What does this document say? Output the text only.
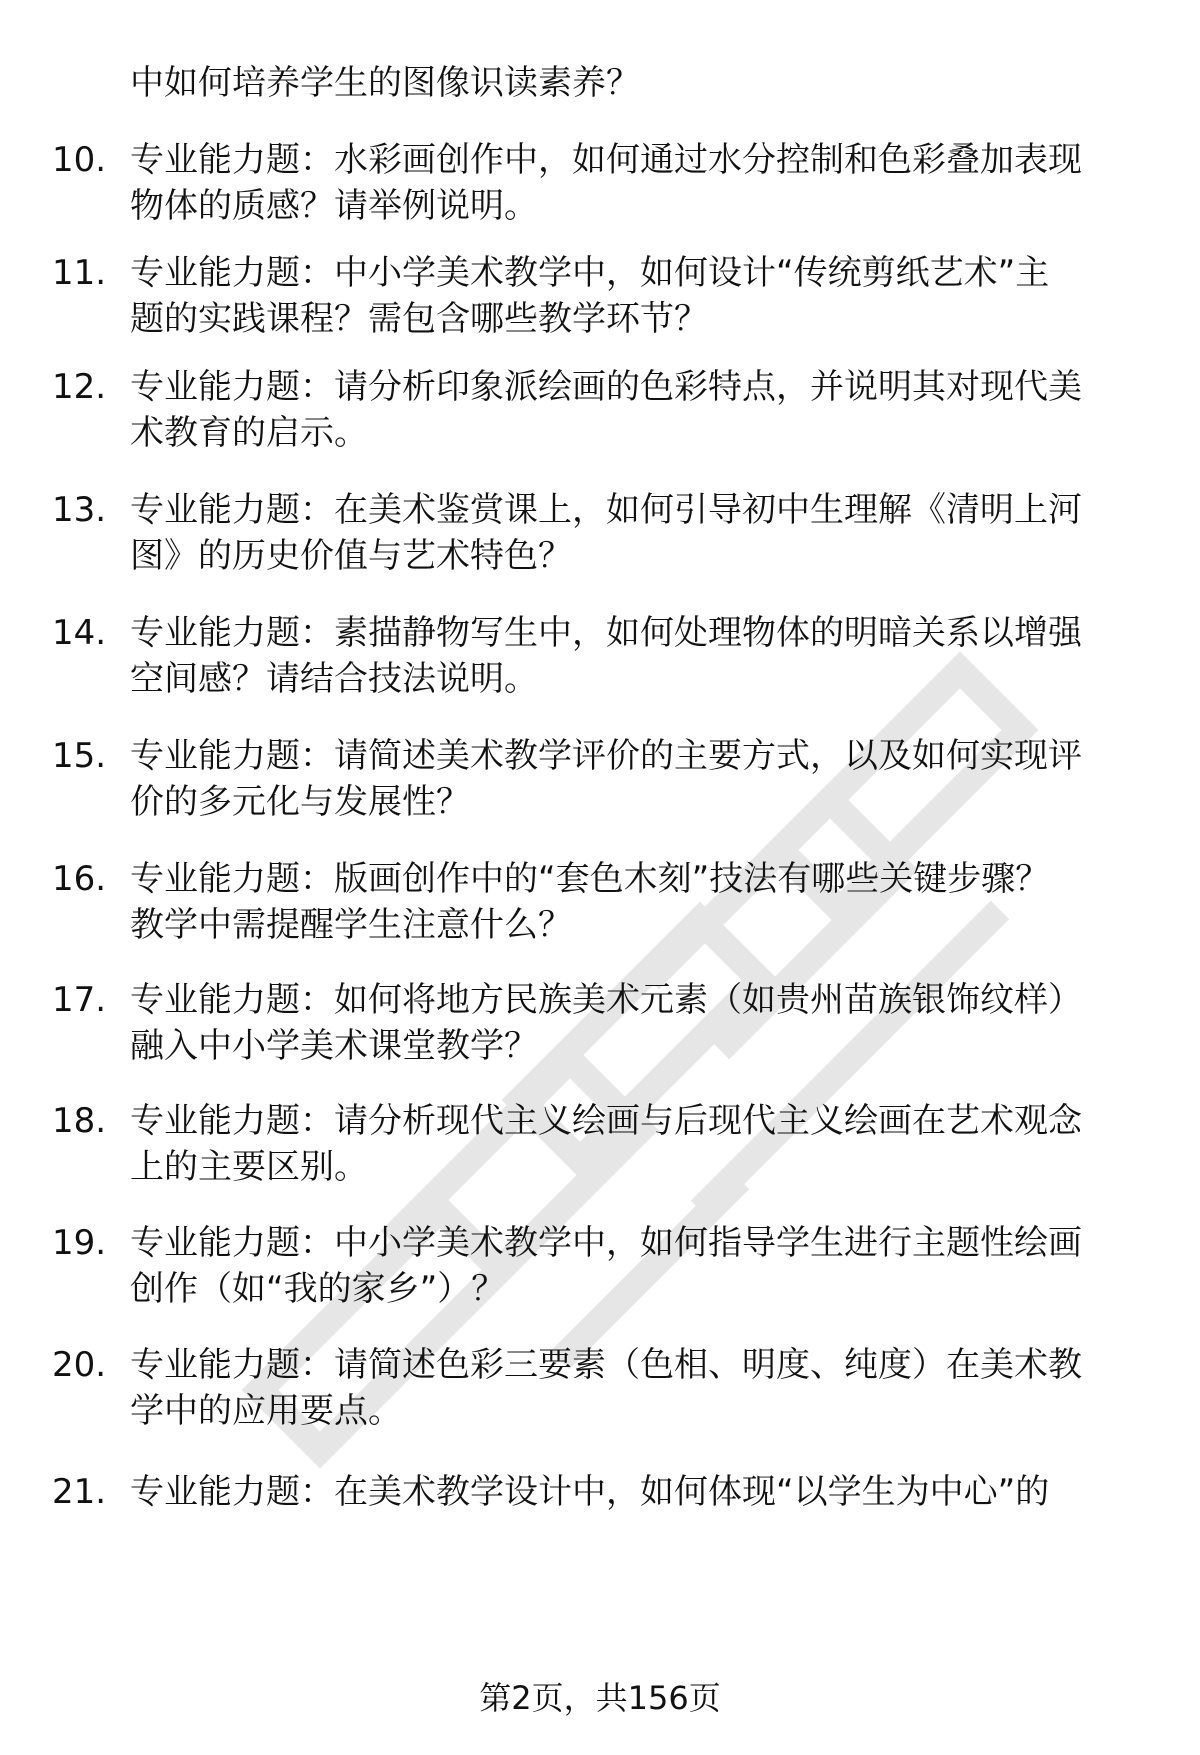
中如何培养学生的图像识读素养？
10. 专业能力题：水彩画创作中，如何通过水分控制和色彩叠加表现
物体的质感？请举例说明。
11. 专业能力题：中小学美术教学中，如何设计“传统剪纸艺术”主
题的实践课程？需包含哪些教学环节？
12. 专业能力题：请分析印象派绘画的色彩特点，并说明其对现代美
术教育的启示。
13. 专业能力题：在美术鉴赏课上，如何引导初中生理解《清明上河
图》的历史价值与艺术特色？
14. 专业能力题：素描静物写生中，如何处理物体的明暗关系以增强
空间感？请结合技法说明。
15. 专业能力题：请简述美术教学评价的主要方式，以及如何实现评
价的多元化与发展性？
16. 专业能力题：版画创作中的“套色木刻”技法有哪些关键步骤？
教学中需提醒学生注意什么？
17. 专业能力题：如何将地方民族美术元素（如贵州苗族银饰纹样）
融入中小学美术课堂教学？
18. 专业能力题：请分析现代主义绘画与后现代主义绘画在艺术观念
上的主要区别。
19. 专业能力题：中小学美术教学中，如何指导学生进行主题性绘画
创作（如“我的家乡”）？
20. 专业能力题：请简述色彩三要素（色相、明度、纯度）在美术教
学中的应用要点。
21. 专业能力题：在美术教学设计中，如何体现“以学生为中心”的
第2页，共156页
